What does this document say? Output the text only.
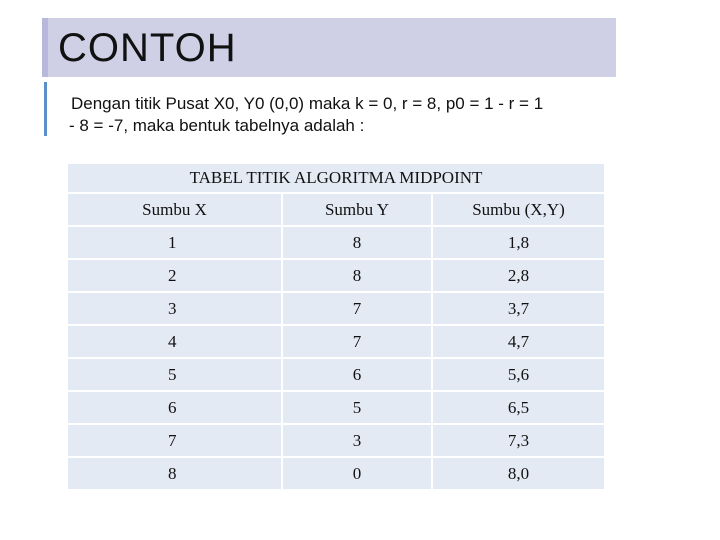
CONTOH
Dengan titik Pusat X0, Y0 (0,0) maka k = 0, r = 8, p0 = 1 - r = 1
- 8 = -7, maka bentuk tabelnya adalah :
TABEL TITIK ALGORITMA MIDPOINT		
Sumbu X	Sumbu Y	Sumbu (X,Y)
1	8	1,8
2	8	2,8
3	7	3,7
4	7	4,7
5	6	5,6
6	5	6,5
7	3	7,3
8	0	8,0
